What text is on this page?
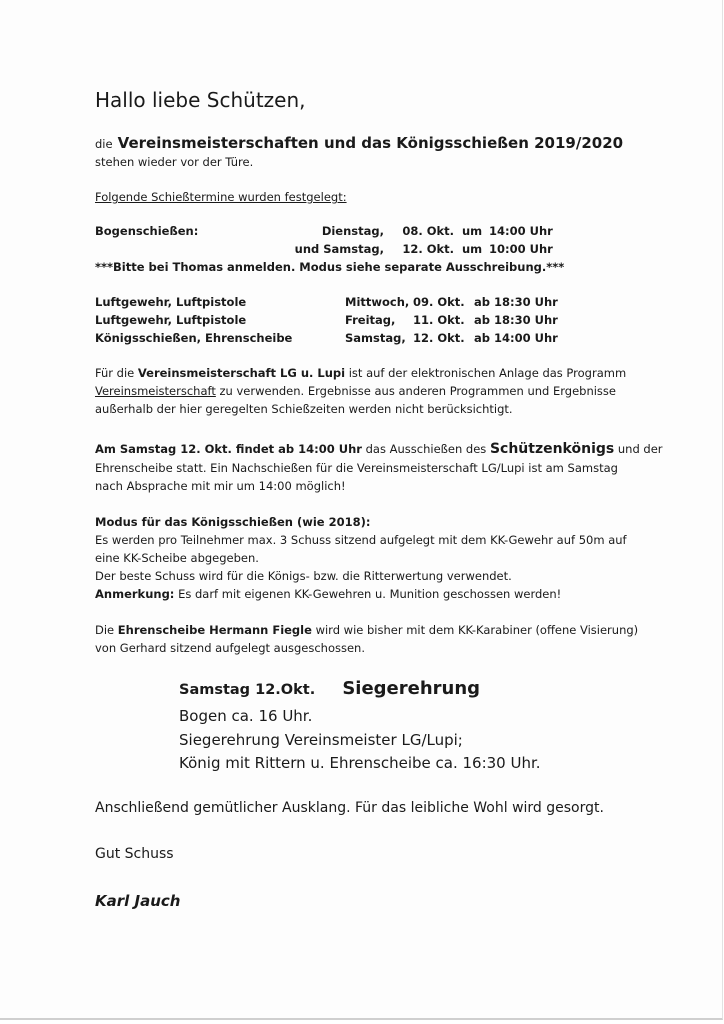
Hallo liebe Schützen,
die Vereinsmeisterschaften und das Königsschießen 2019/2020
stehen wieder vor der Türe.
Folgende Schießtermine wurden festgelegt:
Bogenschießen:	Dienstag, 08. Okt. um 14:00 Uhr
und Samstag, 12. Okt. um 10:00 Uhr
***Bitte bei Thomas anmelden. Modus siehe separate Ausschreibung.***
Luftgewehr, Luftpistole	Mittwoch, 09. Okt. ab 18:30 Uhr
Luftgewehr, Luftpistole	Freitag, 11. Okt. ab 18:30 Uhr
Königsschießen, Ehrenscheibe	Samstag, 12. Okt. ab 14:00 Uhr
Für die Vereinsmeisterschaft LG u. Lupi ist auf der elektronischen Anlage das Programm
Vereinsmeisterschaft zu verwenden. Ergebnisse aus anderen Programmen und Ergebnisse
außerhalb der hier geregelten Schießzeiten werden nicht berücksichtigt.
Am Samstag 12. Okt. findet ab 14:00 Uhr das Ausschießen des Schützenkönigs und der
Ehrenscheibe statt. Ein Nachschießen für die Vereinsmeisterschaft LG/Lupi ist am Samstag
nach Absprache mit mir um 14:00 möglich!
Modus für das Königsschießen (wie 2018):
Es werden pro Teilnehmer max. 3 Schuss sitzend aufgelegt mit dem KK-Gewehr auf 50m auf
eine KK-Scheibe abgegeben.
Der beste Schuss wird für die Königs- bzw. die Ritterwertung verwendet.
Anmerkung: Es darf mit eigenen KK-Gewehren u. Munition geschossen werden!
Die Ehrenscheibe Hermann Fiegle wird wie bisher mit dem KK-Karabiner (offene Visierung)
von Gerhard sitzend aufgelegt ausgeschossen.
Samstag 12.Okt. Siegerehrung
Bogen ca. 16 Uhr.
Siegerehrung Vereinsmeister LG/Lupi;
König mit Rittern u. Ehrenscheibe ca. 16:30 Uhr.
Anschließend gemütlicher Ausklang. Für das leibliche Wohl wird gesorgt.
Gut Schuss
Karl Jauch
